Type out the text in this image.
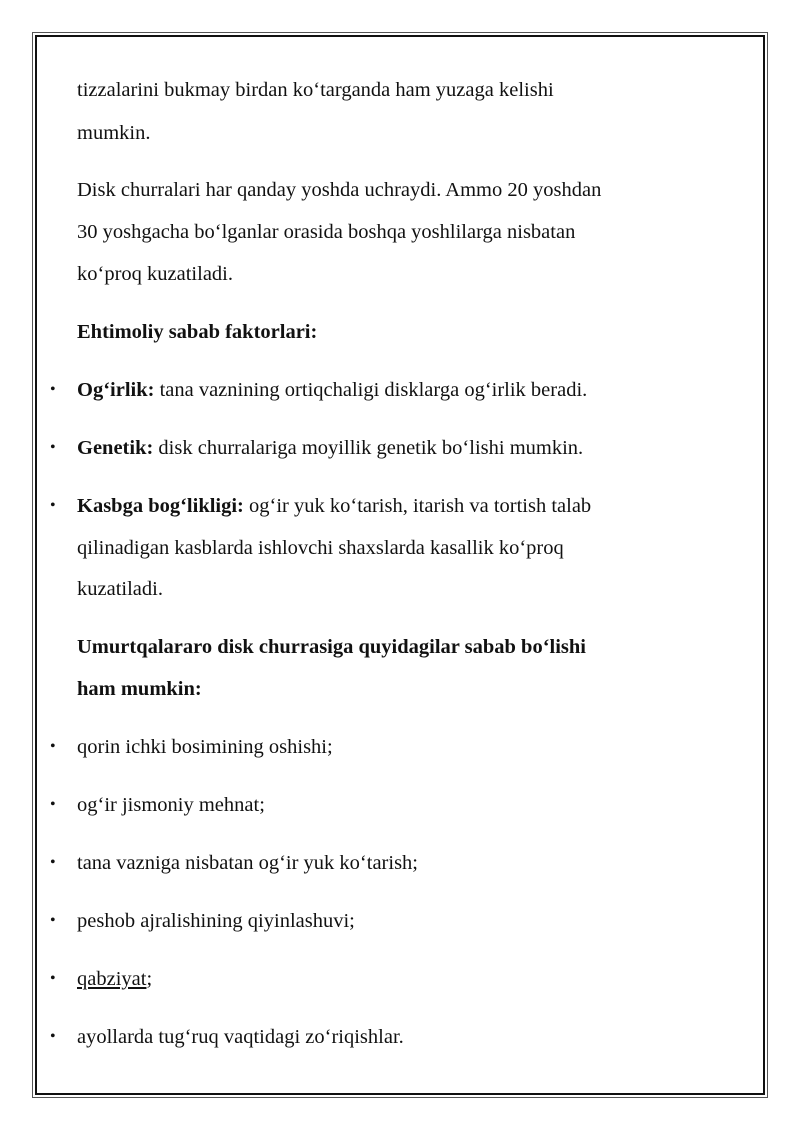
tizzalarini bukmay birdan ko‘targanda ham yuzaga kelishi
mumkin.
Disk churralari har qanday yoshda uchraydi. Ammo 20 yoshdan
30 yoshgacha bo‘lganlar orasida boshqa yoshlilarga nisbatan
ko‘proq kuzatiladi.
Ehtimoliy sabab faktorlari:
• Og‘irlik: tana vaznining ortiqchaligi disklarga og‘irlik beradi.
• Genetik: disk churralariga moyillik genetik bo‘lishi mumkin.
• Kasbga bog‘likligi: og‘ir yuk ko‘tarish, itarish va tortish talab
qilinadigan kasblarda ishlovchi shaxslarda kasallik ko‘proq
kuzatiladi.
Umurtqalararo disk churrasiga quyidagilar sabab bo‘lishi
ham mumkin:
• qorin ichki bosimining oshishi;
• og‘ir jismoniy mehnat;
• tana vazniga nisbatan og‘ir yuk ko‘tarish;
• peshob ajralishining qiyinlashuvi;
• qabziyat;
• ayollarda tug‘ruq vaqtidagi zo‘riqishlar.
